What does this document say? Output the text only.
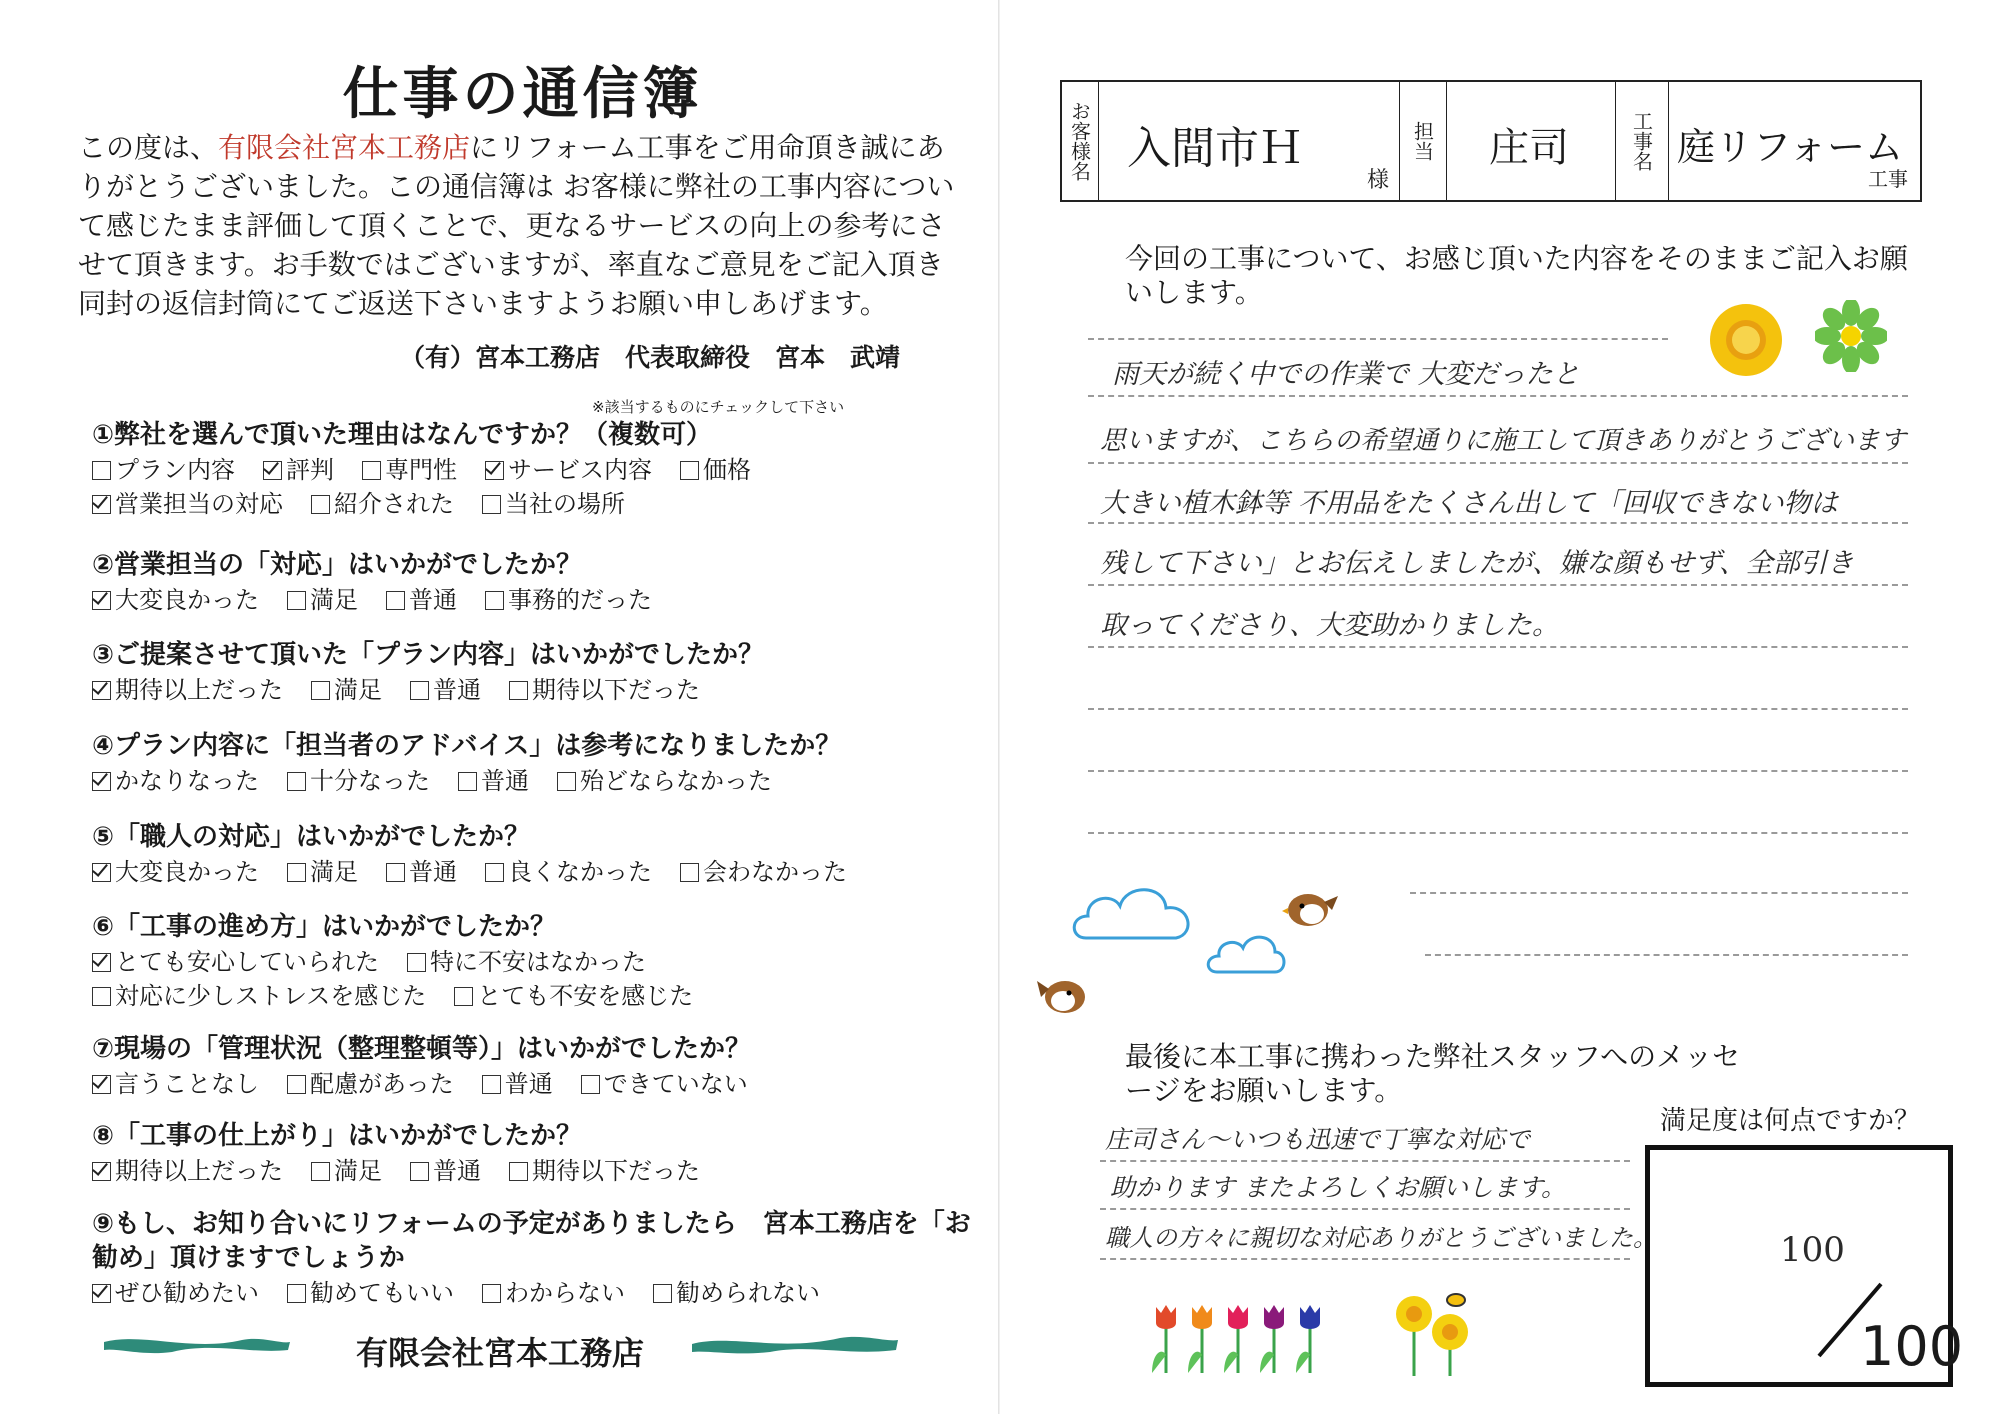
仕事の通信簿
この度は、有限会社宮本工務店にリフォーム工事をご用命頂き誠にありがとうございました。この通信簿は お客様に弊社の工事内容について感じたまま評価して頂くことで、更なるサービスの向上の参考にさせて頂きます。お手数ではございますが、率直なご意見をご記入頂き 同封の返信封筒にてご返送下さいますようお願い申しあげます。
（有）宮本工務店　代表取締役　宮本　武靖
※該当するものにチェックして下さい
①弊社を選んで頂いた理由はなんですか？（複数可）
プラン内容 評判 専門性 サービス内容 価格営業担当の対応 紹介された 当社の場所
②営業担当の「対応」はいかがでしたか？
大変良かった 満足 普通 事務的だった
③ご提案させて頂いた「プラン内容」はいかがでしたか？
期待以上だった 満足 普通 期待以下だった
④プラン内容に「担当者のアドバイス」は参考になりましたか？
かなりなった 十分なった 普通 殆どならなかった
⑤「職人の対応」はいかがでしたか？
大変良かった 満足 普通 良くなかった 会わなかった
⑥「工事の進め方」はいかがでしたか？
とても安心していられた 特に不安はなかった対応に少しストレスを感じた とても不安を感じた
⑦現場の「管理状況（整理整頓等）」はいかがでしたか？
言うことなし 配慮があった 普通 できていない
⑧「工事の仕上がり」はいかがでしたか？
期待以上だった 満足 普通 期待以下だった
⑨もし、お知り合いにリフォームの予定がありましたら　宮本工務店を「お勧め」頂けますでしょうか
ぜひ勧めたい 勧めてもいい わからない 勧められない
有限会社宮本工務店
お客様名 入間市Ｈ
様
担当	庄司	工事名 庭リフォーム
工事
今回の工事について、お感じ頂いた内容をそのままご記入お願いします。
雨天が続く中での作業で 大変だったと
思いますが、こちらの希望通りに施工して頂きありがとうございます
大きい植木鉢等 不用品をたくさん出して「回収できない物は
残して下さい」とお伝えしましたが、嫌な顔もせず、全部引き
取ってくださり、大変助かりました。
最後に本工事に携わった弊社スタッフへのメッセージをお願いします。
庄司さん～いつも迅速で丁寧な対応で
助かります またよろしくお願いします。
職人の方々に親切な対応ありがとうございました。
満足度は何点ですか？
100
100
